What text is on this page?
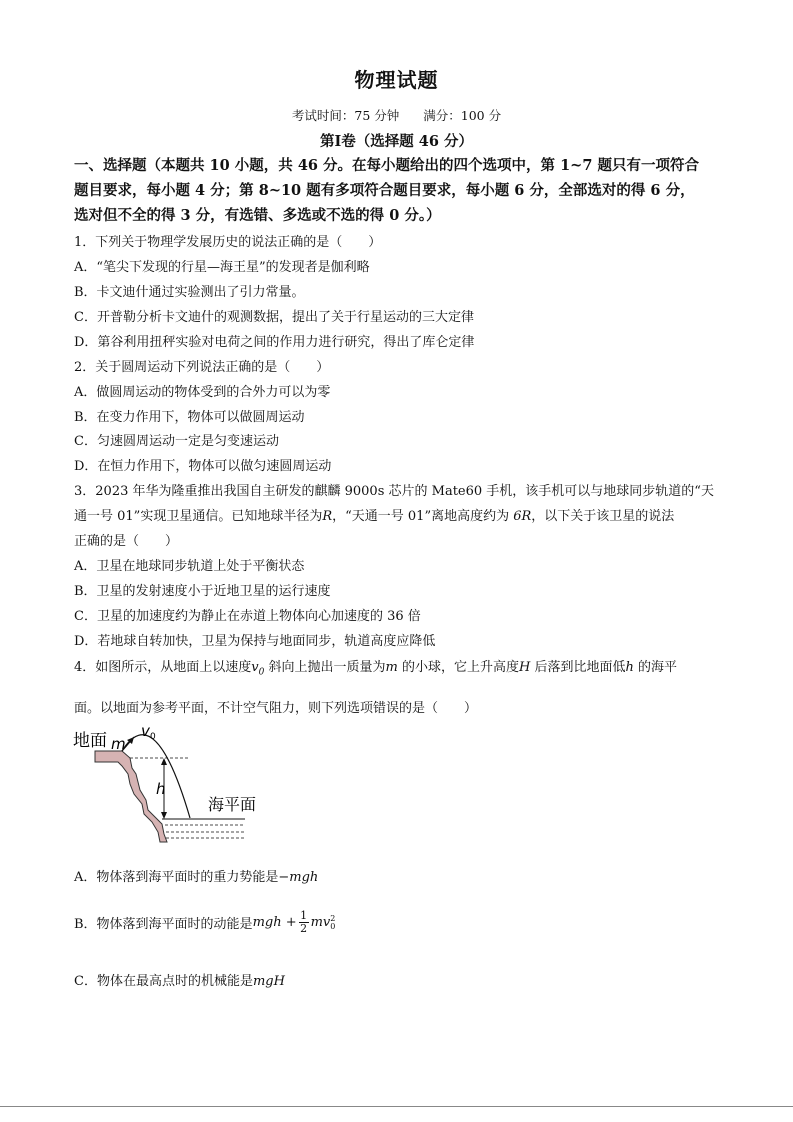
物理试题
考试时间：75 分钟 满分：100 分
第Ⅰ卷（选择题 46 分）
一、选择题（本题共 10 小题，共 46 分。在每小题给出的四个选项中，第 1~7 题只有一项符合
题目要求，每小题 4 分；第 8~10 题有多项符合题目要求，每小题 6 分，全部选对的得 6 分，
选对但不全的得 3 分，有选错、多选或不选的得 0 分。）
1．下列关于物理学发展历史的说法正确的是（　　）
A．“笔尖下发现的行星—海王星”的发现者是伽利略
B．卡文迪什通过实验测出了引力常量。
C．开普勒分析卡文迪什的观测数据，提出了关于行星运动的三大定律
D．第谷利用扭秤实验对电荷之间的作用力进行研究，得出了库仑定律
2．关于圆周运动下列说法正确的是（　　）
A．做圆周运动的物体受到的合外力可以为零
B．在变力作用下，物体可以做圆周运动
C．匀速圆周运动一定是匀变速运动
D．在恒力作用下，物体可以做匀速圆周运动
3．2023 年华为隆重推出我国自主研发的麒麟 9000s 芯片的 Mate60 手机，该手机可以与地球同步轨道的“天
通一号 01”实现卫星通信。已知地球半径为R，“天通一号 01”离地高度约为 6R，以下关于该卫星的说法
正确的是（　　）
A．卫星在地球同步轨道上处于平衡状态
B．卫星的发射速度小于近地卫星的运行速度
C．卫星的加速度约为静止在赤道上物体向心加速度的 36 倍
D．若地球自转加快，卫星为保持与地面同步，轨道高度应降低
4．如图所示，从地面上以速度$v_0$ 斜向上抛出一质量为m 的小球，它上升高度H 后落到比地面低h 的海平
面。以地面为参考平面，不计空气阻力，则下列选项错误的是（　　）
地面 m
v 0
h
海平面
A．物体落到海平面时的重力势能是−mgh
B．物体落到海平面时的动能是 mgh + $\frac{1}{2}$ mv 2
0
C．物体在最高点时的机械能是mgH
